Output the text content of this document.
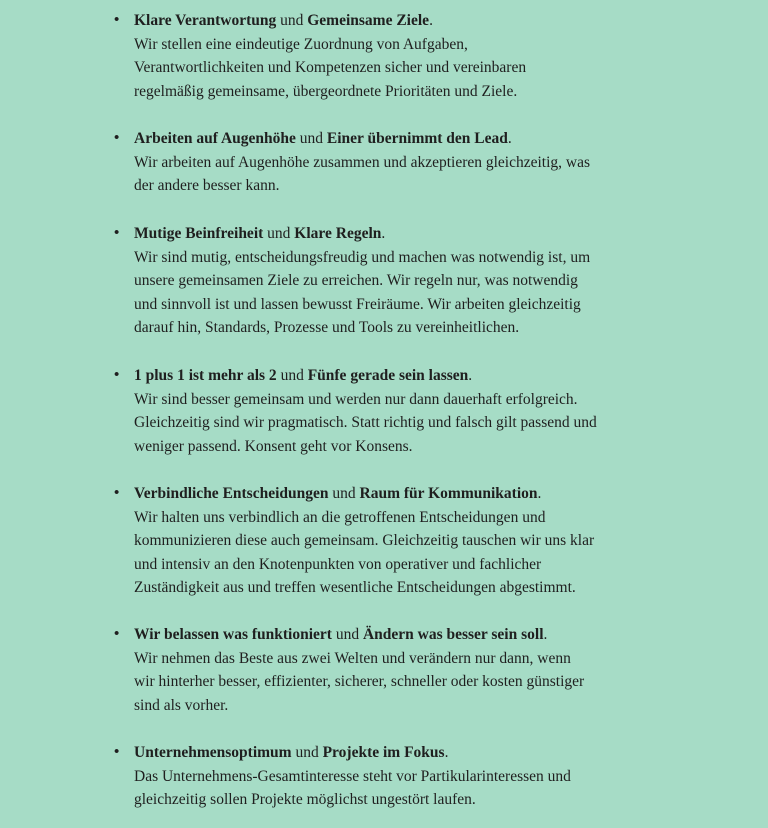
• Klare Verantwortung und Gemeinsame Ziele.
Wir stellen eine eindeutige Zuordnung von Aufgaben,
Verantwortlichkeiten und Kompetenzen sicher und vereinbaren
regelmäßig gemeinsame, übergeordnete Prioritäten und Ziele.
• Arbeiten auf Augenhöhe und Einer übernimmt den Lead.
Wir arbeiten auf Augenhöhe zusammen und akzeptieren gleichzeitig, was
der andere besser kann.
• Mutige Beinfreiheit und Klare Regeln.
Wir sind mutig, entscheidungsfreudig und machen was notwendig ist, um
unsere gemeinsamen Ziele zu erreichen. Wir regeln nur, was notwendig
und sinnvoll ist und lassen bewusst Freiräume. Wir arbeiten gleichzeitig
darauf hin, Standards, Prozesse und Tools zu vereinheitlichen.
• 1 plus 1 ist mehr als 2 und Fünfe gerade sein lassen.
Wir sind besser gemeinsam und werden nur dann dauerhaft erfolgreich.
Gleichzeitig sind wir pragmatisch. Statt richtig und falsch gilt passend und
weniger passend. Konsent geht vor Konsens.
• Verbindliche Entscheidungen und Raum für Kommunikation.
Wir halten uns verbindlich an die getroffenen Entscheidungen und
kommunizieren diese auch gemeinsam. Gleichzeitig tauschen wir uns klar
und intensiv an den Knotenpunkten von operativer und fachlicher
Zuständigkeit aus und treffen wesentliche Entscheidungen abgestimmt.
• Wir belassen was funktioniert und Ändern was besser sein soll.
Wir nehmen das Beste aus zwei Welten und verändern nur dann, wenn
wir hinterher besser, effizienter, sicherer, schneller oder kosten günstiger
sind als vorher.
• Unternehmensoptimum und Projekte im Fokus.
Das Unternehmens-Gesamtinteresse steht vor Partikularinteressen und
gleichzeitig sollen Projekte möglichst ungestört laufen.
